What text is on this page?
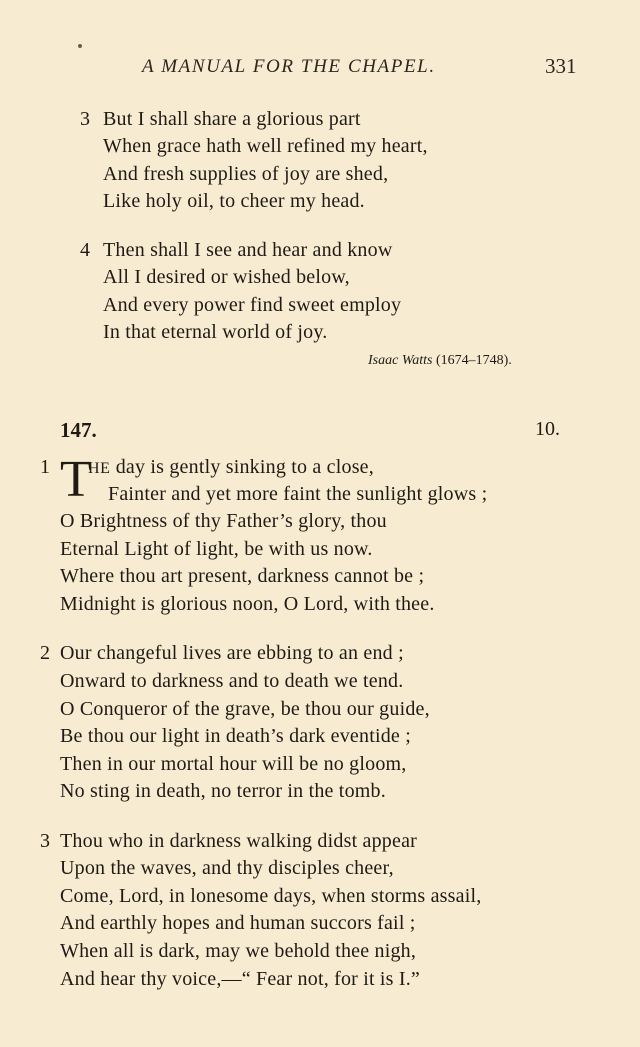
A MANUAL FOR THE CHAPEL.	331
3 But I shall share a glorious part
When grace hath well refined my heart,
And fresh supplies of joy are shed,
Like holy oil, to cheer my head.
4 Then shall I see and hear and know
All I desired or wished below,
And every power find sweet employ
In that eternal world of joy.
Isaac Watts (1674–1748).
147.	10.
1 T
HE day is gently sinking to a close,
Fainter and yet more faint the sunlight glows ;
O Brightness of thy Father’s glory, thou
Eternal Light of light, be with us now.
Where thou art present, darkness cannot be ;
Midnight is glorious noon, O Lord, with thee.
2 Our changeful lives are ebbing to an end ;
Onward to darkness and to death we tend.
O Conqueror of the grave, be thou our guide,
Be thou our light in death’s dark eventide ;
Then in our mortal hour will be no gloom,
No sting in death, no terror in the tomb.
3 Thou who in darkness walking didst appear
Upon the waves, and thy disciples cheer,
Come, Lord, in lonesome days, when storms assail,
And earthly hopes and human succors fail ;
When all is dark, may we behold thee nigh,
And hear thy voice,—“ Fear not, for it is I.”
